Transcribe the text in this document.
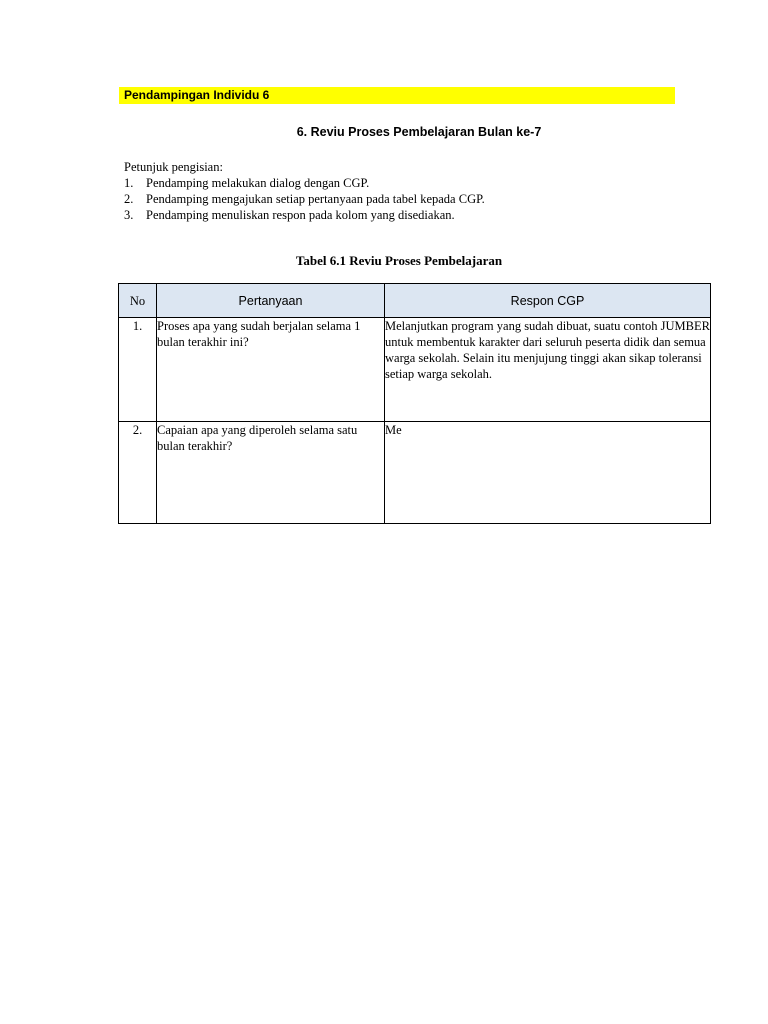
Pendampingan Individu 6
6. Reviu Proses Pembelajaran Bulan ke-7
Petunjuk pengisian:
1.	Pendamping melakukan dialog dengan CGP.
2.	Pendamping mengajukan setiap pertanyaan pada tabel kepada CGP.
3.	Pendamping menuliskan respon pada kolom yang disediakan.
Tabel 6.1 Reviu Proses Pembelajaran
No	Pertanyaan	Respon CGP
1.	Proses apa yang sudah berjalan selama 1 bulan terakhir ini?	Melanjutkan program yang sudah dibuat, suatu contoh JUMBER untuk membentuk karakter dari seluruh peserta didik dan semua warga sekolah. Selain itu menjujung tinggi akan sikap toleransi setiap warga sekolah.
2.	Capaian apa yang diperoleh selama satu bulan terakhir?	Me
